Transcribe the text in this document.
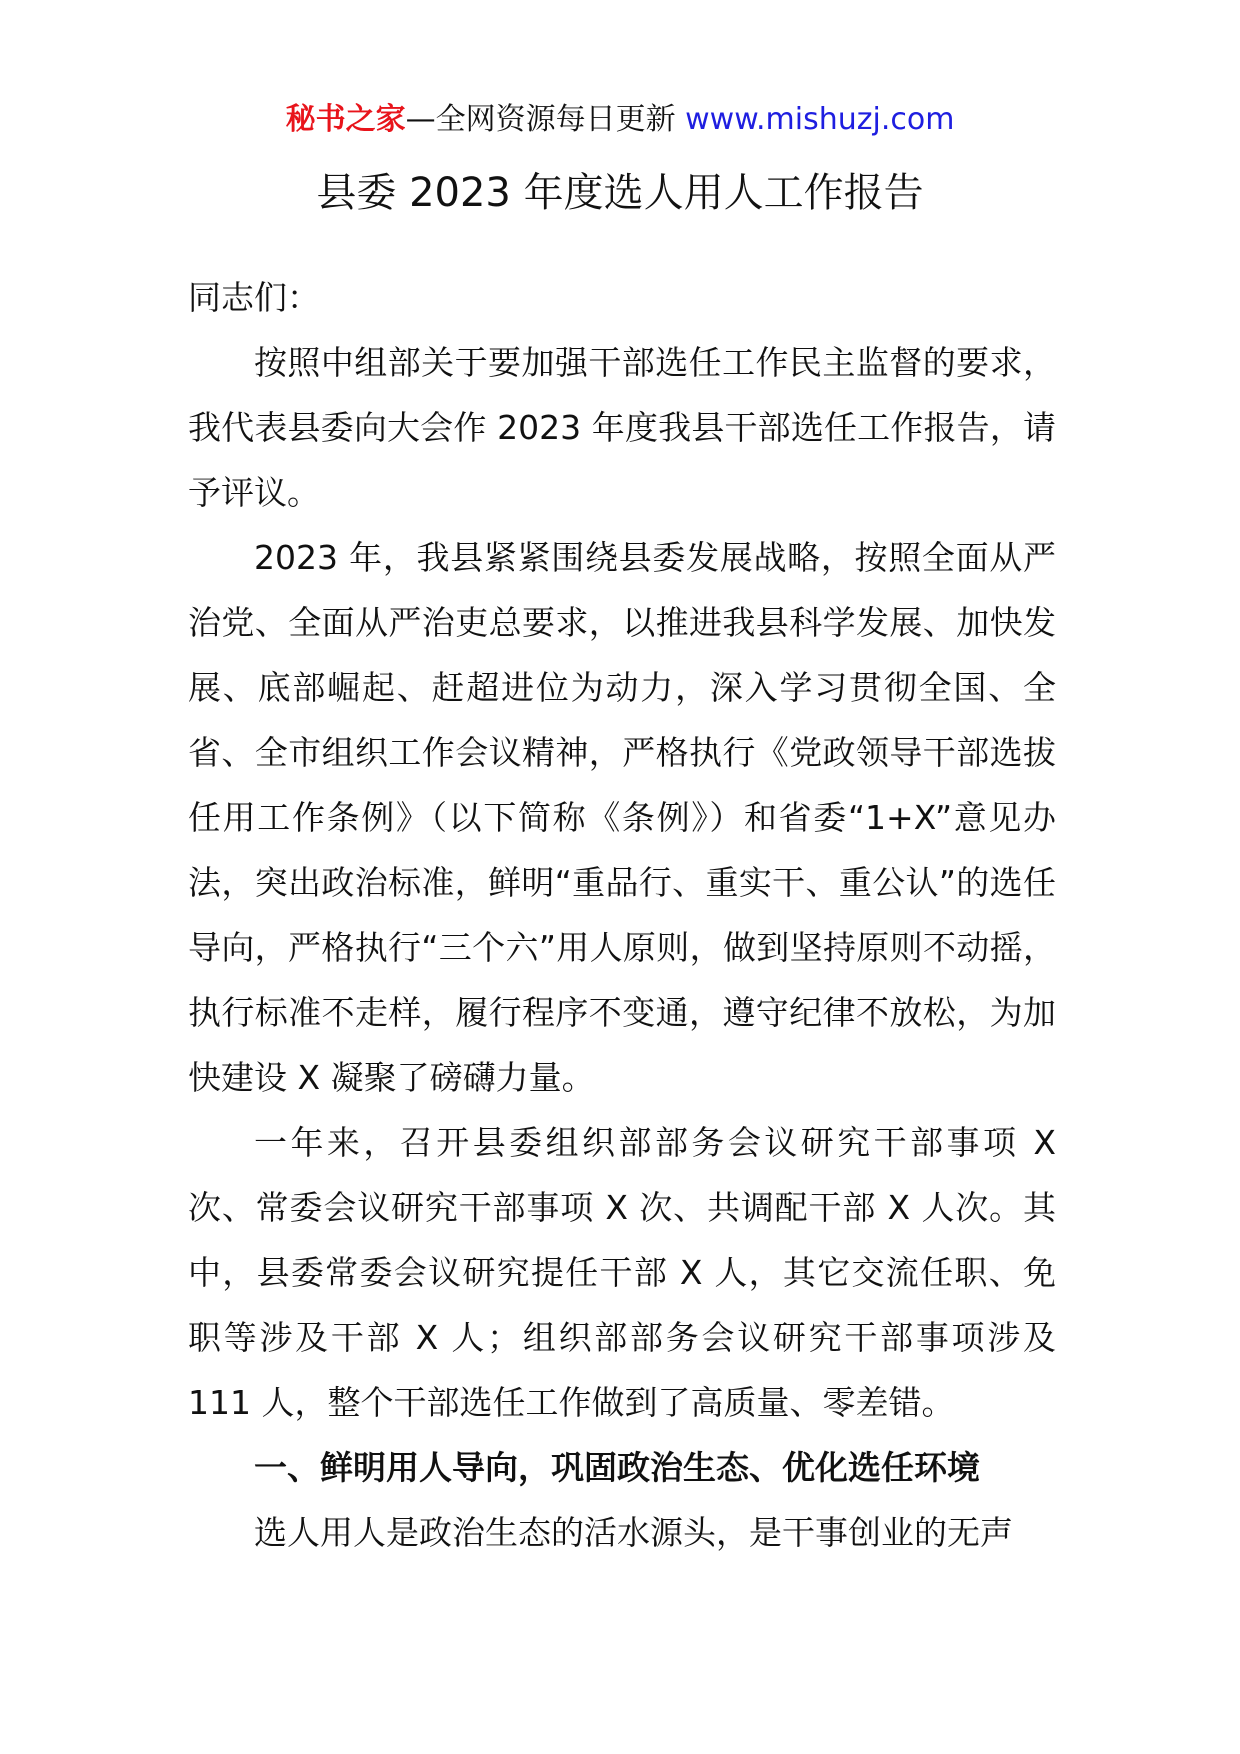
秘书之家—全网资源每日更新 www.mishuzj.com
县委 2023 年度选人用人工作报告

同志们：

按照中组部关于要加强干部选任工作民主监督的要求，我代表县委向大会作 2023 年度我县干部选任工作报告，请予评议。

2023 年，我县紧紧围绕县委发展战略，按照全面从严治党、全面从严治吏总要求，以推进我县科学发展、加快发展、底部崛起、赶超进位为动力，深入学习贯彻全国、全省、全市组织工作会议精神，严格执行《党政领导干部选拔任用工作条例》（以下简称《条例》）和省委“1+X”意见办法，突出政治标准，鲜明“重品行、重实干、重公认”的选任导向，严格执行“三个六”用人原则，做到坚持原则不动摇，执行标准不走样，履行程序不变通，遵守纪律不放松，为加快建设 X 凝聚了磅礴力量。

一年来，召开县委组织部部务会议研究干部事项 X 次、常委会议研究干部事项 X 次、共调配干部 X 人次。其中，县委常委会议研究提任干部 X 人，其它交流任职、免职等涉及干部 X 人；组织部部务会议研究干部事项涉及 111 人，整个干部选任工作做到了高质量、零差错。

一、鲜明用人导向，巩固政治生态、优化选任环境

选人用人是政治生态的活水源头，是干事创业的无声
